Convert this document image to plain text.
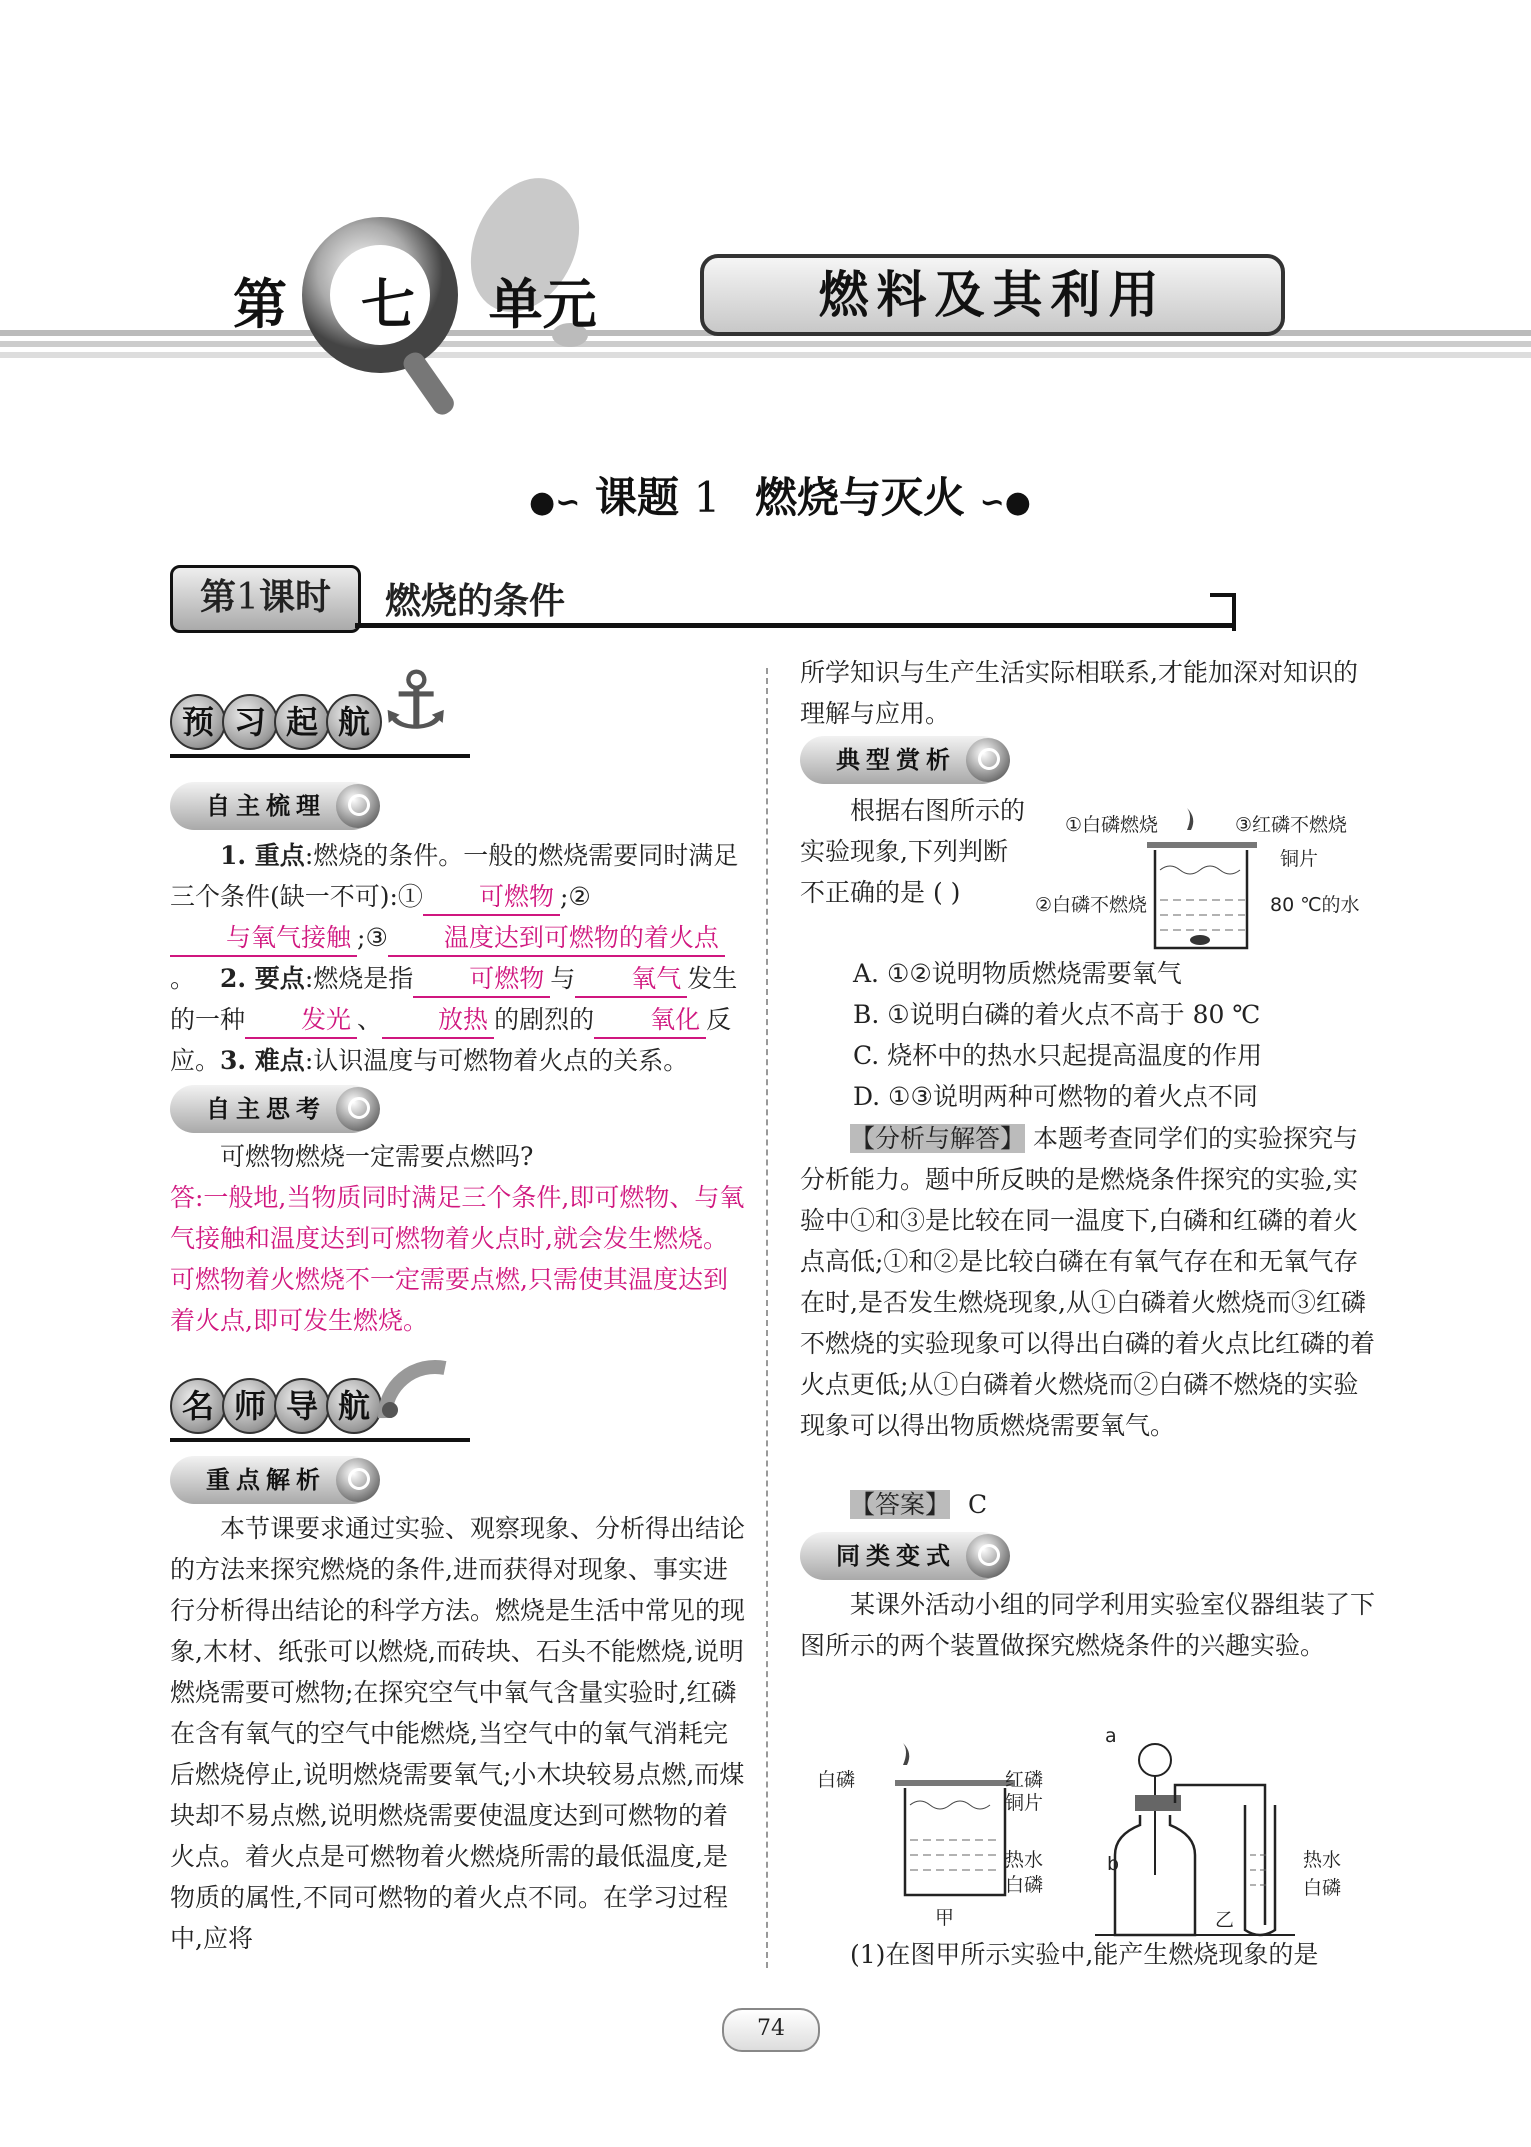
第 七 单元	燃料及其利用
●∽ 课题 1 燃烧与灭火 ∽●
第1课时	燃烧的条件
预 习 起 航 ⚓
自主梳理
1. 重点:燃烧的条件。一般的燃烧需要同时满足三个条件(缺一不可):① 可燃物 ;②与氧气接触 ;③ 温度达到可燃物的着火点。 2. 要点:燃烧是指 可燃物 与 氧气 发生的一种 发光 、 放热 的剧烈的 氧化 反应。 3. 难点:认识温度与可燃物着火点的关系。
自主思考
可燃物燃烧一定需要点燃吗?
答:一般地,当物质同时满足三个条件,即可燃物、与氧气接触和温度达到可燃物着火点时,就会发生燃烧。可燃物着火燃烧不一定需要点燃,只需使其温度达到着火点,即可发生燃烧。
名 师 导 航
重点解析
本节课要求通过实验、观察现象、分析得出结论的方法来探究燃烧的条件,进而获得对现象、事实进行分析得出结论的科学方法。燃烧是生活中常见的现象,木材、纸张可以燃烧,而砖块、石头不能燃烧,说明燃烧需要可燃物;在探究空气中氧气含量实验时,红磷在含有氧气的空气中能燃烧,当空气中的氧气消耗完后燃烧停止,说明燃烧需要氧气;小木块较易点燃,而煤块却不易点燃,说明燃烧需要使温度达到可燃物的着火点。着火点是可燃物着火燃烧所需的最低温度,是物质的属性,不同可燃物的着火点不同。在学习过程中,应将
所学知识与生产生活实际相联系,才能加深对知识的理解与应用。
典型赏析
根据右图所示的实验现象,下列判断不正确的是 ( )
①白磷燃烧	③红磷不燃烧
铜片
②白磷不燃烧	80 ℃的水
A. ①②说明物质燃烧需要氧气
B. ①说明白磷的着火点不高于 80 ℃
C. 烧杯中的热水只起提高温度的作用
D. ①③说明两种可燃物的着火点不同
【分析与解答】 本题考查同学们的实验探究与分析能力。题中所反映的是燃烧条件探究的实验,实验中①和③是比较在同一温度下,白磷和红磷的着火点高低;①和②是比较白磷在有氧气存在和无氧气存在时,是否发生燃烧现象,从①白磷着火燃烧而③红磷不燃烧的实验现象可以得出白磷的着火点比红磷的着火点更低;从①白磷着火燃烧而②白磷不燃烧的实验现象可以得出物质燃烧需要氧气。
【答案】 C
同类变式
某课外活动小组的同学利用实验室仪器组装了下图所示的两个装置做探究燃烧条件的兴趣实验。
白磷	红磷
铜片
热水
白磷
甲
a
b	热水
白磷
乙
(1)在图甲所示实验中,能产生燃烧现象的是
74
